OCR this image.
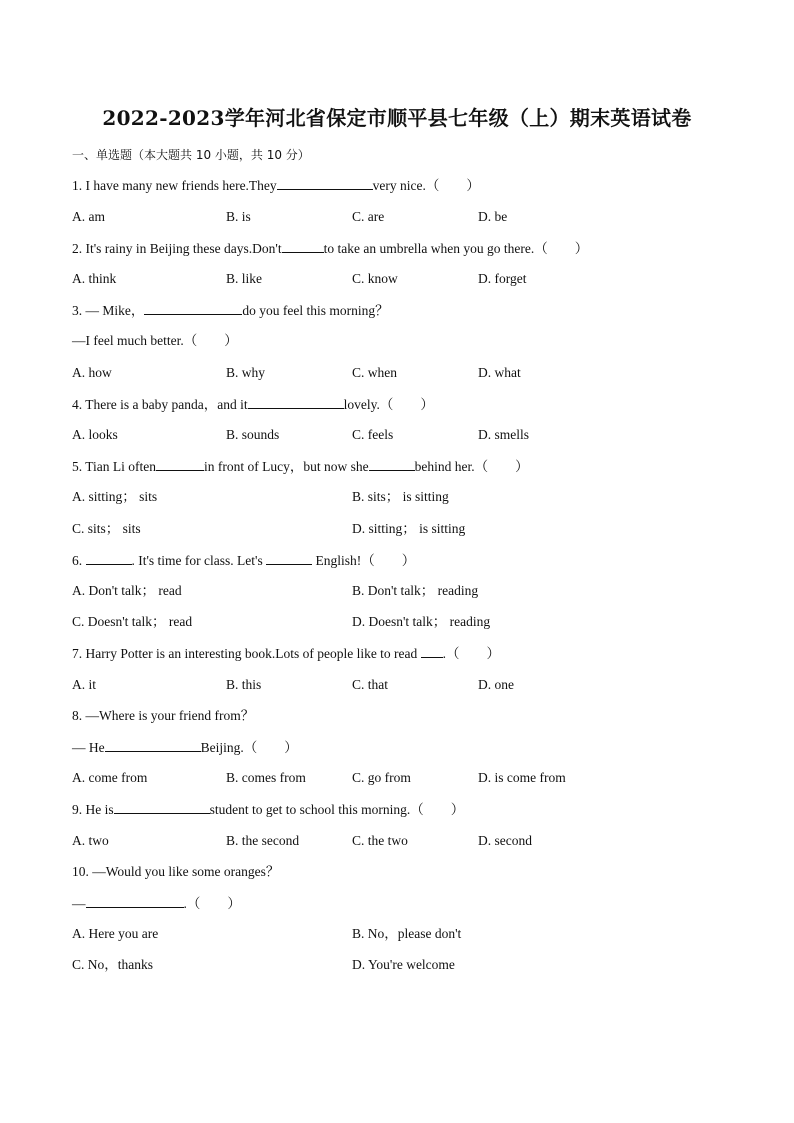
2022-2023学年河北省保定市顺平县七年级（上）期末英语试卷
一、单选题（本大题共 10 小题，共 10 分）
1. I have many new friends here.They	very nice.（　　）
A. am	B. is	C. are	D. be
2. It's rainy in Beijing these days.Don't	to take an umbrella when you go there.（　　）
A. think	B. like	C. know	D. forget
3. — Mike，	do you feel this morning？
—I feel much better.（　　）
A. how	B. why	C. when	D. what
4. There is a baby panda，and it	lovely.（　　）
A. looks	B. sounds	C. feels	D. smells
5. Tian Li often	in front of Lucy，but now she	behind her.（　　）
A. sitting； sits	B. sits； is sitting
C. sits； sits	D. sitting； is sitting
6.	. It's time for class. Let's	English!（　　）
A. Don't talk； read	B. Don't talk； reading
C. Doesn't talk； read	D. Doesn't talk； reading
7. Harry Potter is an interesting book.Lots of people like to read .（　　）
A. it	B. this	C. that	D. one
8. —Where is your friend from？
— He	Beijing.（　　）
A. come from	B. comes from	C. go from	D. is come from
9. He is	student to get to school this morning.（　　）
A. two	B. the second	C. the two	D. second
10. —Would you like some oranges？
—	.（　　）
A. Here you are	B. No，please don't
C. No，thanks	D. You're welcome
